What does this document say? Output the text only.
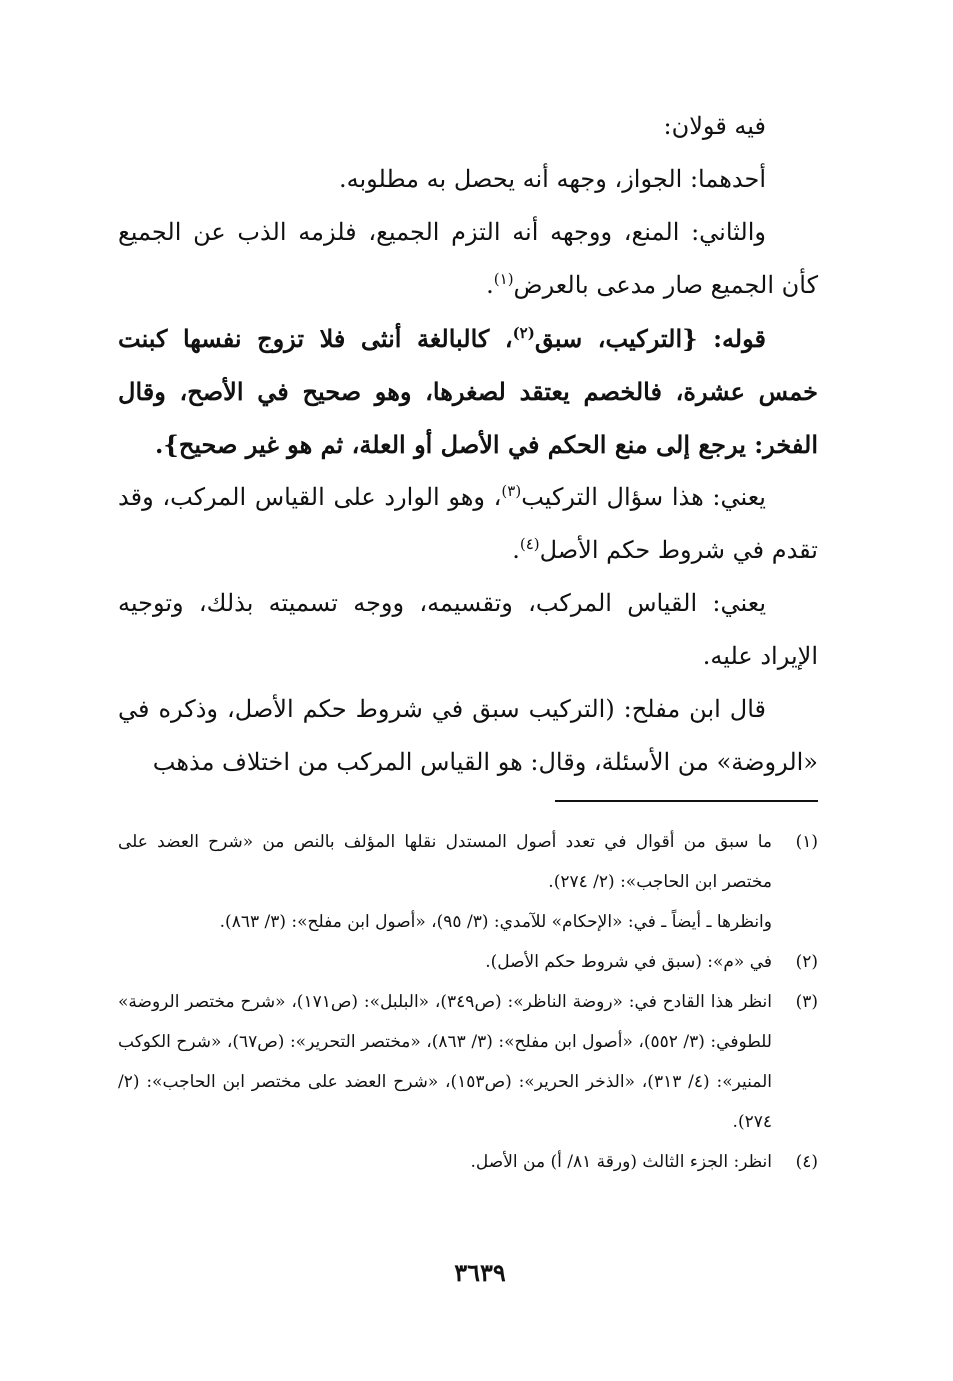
فيه قولان:

أحدهما: الجواز، وجهه أنه يحصل به مطلوبه.

والثاني: المنع، ووجهه أنه التزم الجميع، فلزمه الذب عن الجميع كأن الجميع صار مدعى بالعرض$^{(١)}$.

قوله: {التركيب، سبق$^{(٢)}$، كالبالغة أنثى فلا تزوج نفسها كبنت خمس عشرة، فالخصم يعتقد لصغرها، وهو صحيح في الأصح، وقال الفخر: يرجع إلى منع الحكم في الأصل أو العلة، ثم هو غير صحيح}.

يعني: هذا سؤال التركيب$^{(٣)}$، وهو الوارد على القياس المركب، وقد تقدم في شروط حكم الأصل$^{(٤)}$.

يعني: القياس المركب، وتقسيمه، ووجه تسميته بذلك، وتوجيه الإيراد عليه.

قال ابن مفلح: (التركيب سبق في شروط حكم الأصل، وذكره في «الروضة» من الأسئلة، وقال: هو القياس المركب من اختلاف مذهب

(١)
ما سبق من أقوال في تعدد أصول المستدل نقلها المؤلف بالنص من «شرح العضد على مختصر ابن الحاجب»: (٢/ ٢٧٤).
وانظرها ـ أيضاً ـ في: «الإحكام» للآمدي: (٣/ ٩٥)، «أصول ابن مفلح»: (٣/ ٨٦٣).
(٢)
في «م»: (سبق في شروط حكم الأصل).
(٣)
انظر هذا القادح في: «روضة الناظر»: (ص٣٤٩)، «البلبل»: (ص١٧١)، «شرح مختصر الروضة» للطوفي: (٣/ ٥٥٢)، «أصول ابن مفلح»: (٣/ ٨٦٣)، «مختصر التحرير»: (ص٦٧)، «شرح الكوكب المنير»: (٤/ ٣١٣)، «الذخر الحرير»: (ص١٥٣)، «شرح العضد على مختصر ابن الحاجب»: (٢/ ٢٧٤).
(٤)
انظر: الجزء الثالث (ورقة ٨١/ أ) من الأصل.
٣٦٣٩
